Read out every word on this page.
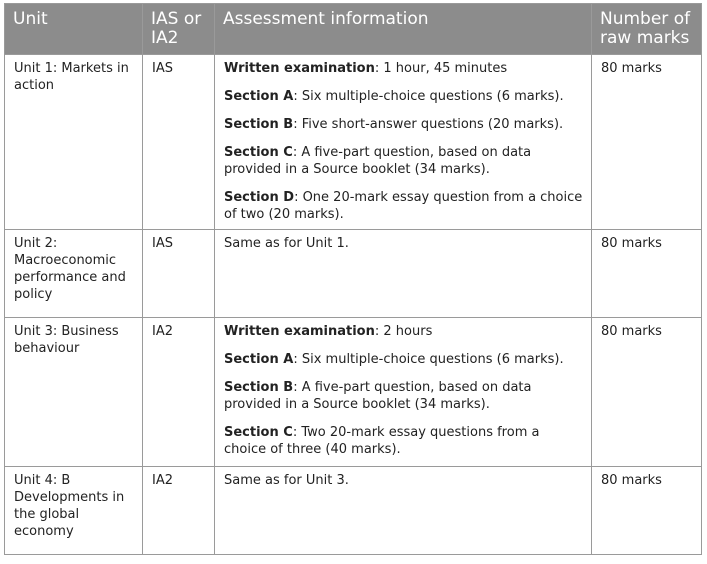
Unit	IAS or IA2	Assessment information	Number of raw marks
Unit 1: Markets in action	IAS	Written examination: 1 hour, 45 minutes
Section A: Six multiple-choice questions (6 marks).
Section B: Five short-answer questions (20 marks).
Section C: A five-part question, based on data provided in a Source booklet (34 marks).
Section D: One 20-mark essay question from a choice of two (20 marks).	80 marks
Unit 2: Macroeconomic performance and policy	IAS	Same as for Unit 1.	80 marks
Unit 3: Business behaviour	IA2	Written examination: 2 hours
Section A: Six multiple-choice questions (6 marks).
Section B: A five-part question, based on data provided in a Source booklet (34 marks).
Section C: Two 20-mark essay questions from a choice of three (40 marks).	80 marks
Unit 4: B Developments in the global economy	IA2	Same as for Unit 3.	80 marks
